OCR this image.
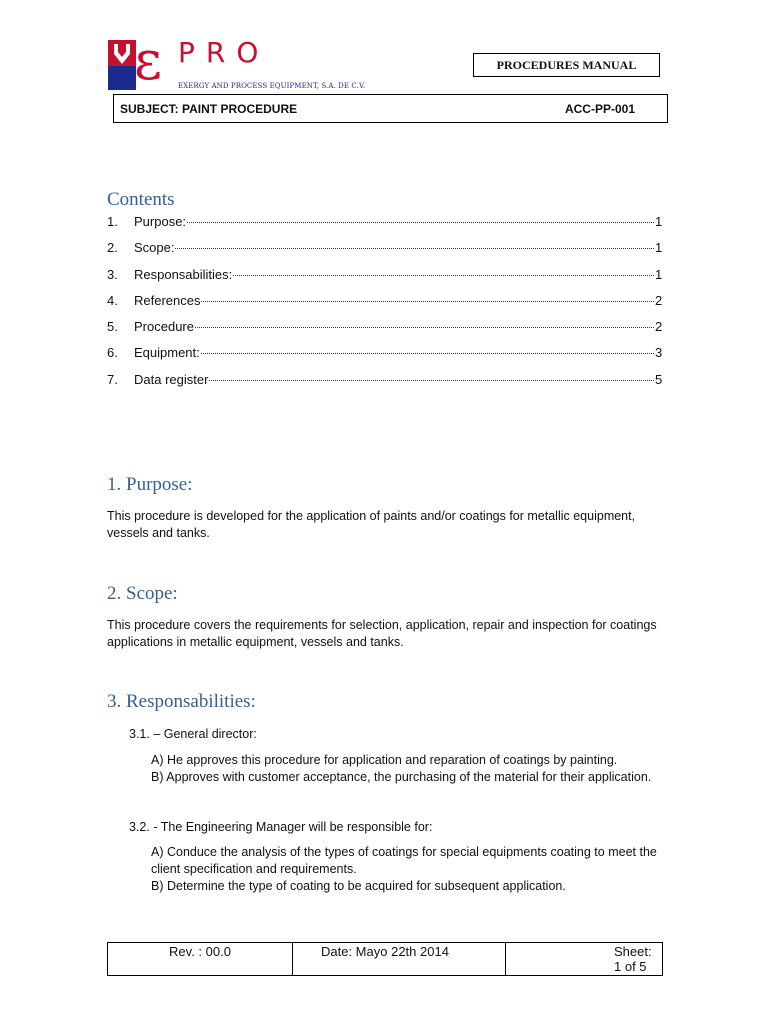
ε PRO
EXERGY AND PROCESS EQUIPMENT, S.A. DE C.V.
PROCEDURES MANUAL
SUBJECT: PAINT PROCEDURE	ACC-PP-001
Contents
1.	Purpose:	1
2.	Scope:	1
3.	Responsabilities:	1
4.	References	2
5.	Procedure	2
6.	Equipment:	3
7.	Data register	5
1. Purpose:

This procedure is developed for the application of paints and/or coatings for metallic equipment, vessels and tanks.

2. Scope:

This procedure covers the requirements for selection, application, repair and inspection for coatings applications in metallic equipment, vessels and tanks.

3. Responsabilities:

3.1. – General director:

A) He approves this procedure for application and reparation of coatings by painting.

B) Approves with customer acceptance, the purchasing of the material for their application.

3.2. - The Engineering Manager will be responsible for:

A) Conduce the analysis of the types of coatings for special equipments coating to meet the client specification and requirements.

B) Determine the type of coating to be acquired for subsequent application.

Rev. : 00.0	Date: Mayo 22th 2014	Sheet: 1 of 5
